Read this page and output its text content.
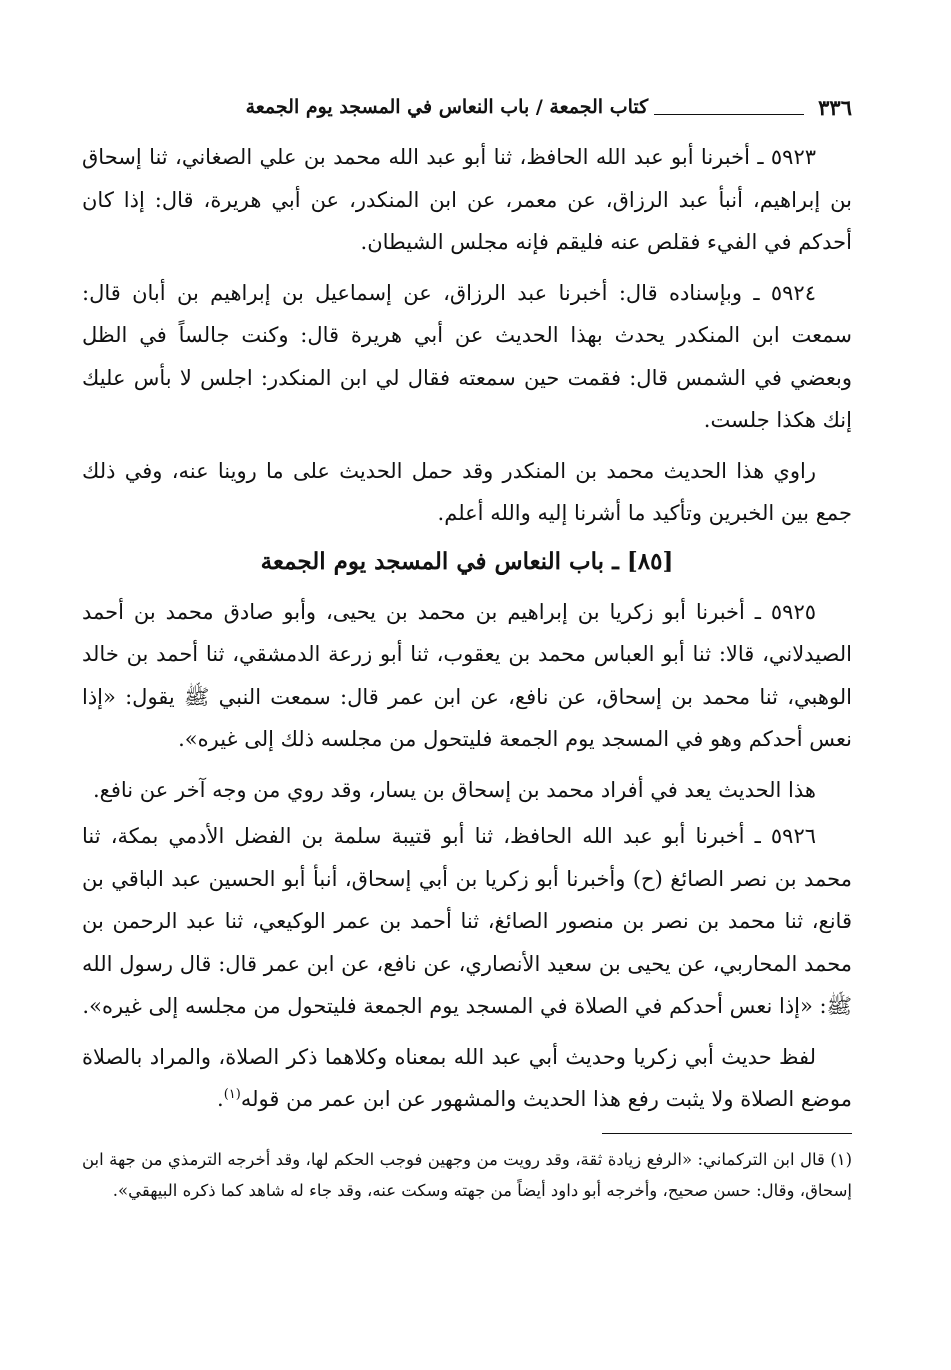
٣٣٦
كتاب الجمعة / باب النعاس في المسجد يوم الجمعة

٥٩٢٣ ـ أخبرنا أبو عبد الله الحافظ، ثنا أبو عبد الله محمد بن علي الصغاني، ثنا إسحاق بن إبراهيم، أنبأ عبد الرزاق، عن معمر، عن ابن المنكدر، عن أبي هريرة، قال: إذا كان أحدكم في الفيء فقلص عنه فليقم فإنه مجلس الشيطان.

٥٩٢٤ ـ وبإسناده قال: أخبرنا عبد الرزاق، عن إسماعيل بن إبراهيم بن أبان قال: سمعت ابن المنكدر يحدث بهذا الحديث عن أبي هريرة قال: وكنت جالساً في الظل وبعضي في الشمس قال: فقمت حين سمعته فقال لي ابن المنكدر: اجلس لا بأس عليك إنك هكذا جلست.

راوي هذا الحديث محمد بن المنكدر وقد حمل الحديث على ما روينا عنه، وفي ذلك جمع بين الخبرين وتأكيد ما أشرنا إليه والله أعلم.

[٨٥] ـ باب النعاس في المسجد يوم الجمعة

٥٩٢٥ ـ أخبرنا أبو زكريا بن إبراهيم بن محمد بن يحيى، وأبو صادق محمد بن أحمد الصيدلاني، قالا: ثنا أبو العباس محمد بن يعقوب، ثنا أبو زرعة الدمشقي، ثنا أحمد بن خالد الوهبي، ثنا محمد بن إسحاق، عن نافع، عن ابن عمر قال: سمعت النبي ﷺ يقول: «إذا نعس أحدكم وهو في المسجد يوم الجمعة فليتحول من مجلسه ذلك إلى غيره».

هذا الحديث يعد في أفراد محمد بن إسحاق بن يسار، وقد روي من وجه آخر عن نافع.

٥٩٢٦ ـ أخبرنا أبو عبد الله الحافظ، ثنا أبو قتيبة سلمة بن الفضل الأدمي بمكة، ثنا محمد بن نصر الصائغ (ح) وأخبرنا أبو زكريا بن أبي إسحاق، أنبأ أبو الحسين عبد الباقي بن قانع، ثنا محمد بن نصر بن منصور الصائغ، ثنا أحمد بن عمر الوكيعي، ثنا عبد الرحمن بن محمد المحاربي، عن يحيى بن سعيد الأنصاري، عن نافع، عن ابن عمر قال: قال رسول الله ﷺ: «إذا نعس أحدكم في الصلاة في المسجد يوم الجمعة فليتحول من مجلسه إلى غيره».

لفظ حديث أبي زكريا وحديث أبي عبد الله بمعناه وكلاهما ذكر الصلاة، والمراد بالصلاة موضع الصلاة ولا يثبت رفع هذا الحديث والمشهور عن ابن عمر من قوله$^{(١)}$.

(١) قال ابن التركماني: «الرفع زيادة ثقة، وقد رويت من وجهين فوجب الحكم لها، وقد أخرجه الترمذي من جهة ابن إسحاق، وقال: حسن صحيح، وأخرجه أبو داود أيضاً من جهته وسكت عنه، وقد جاء له شاهد كما ذكره البيهقي».
